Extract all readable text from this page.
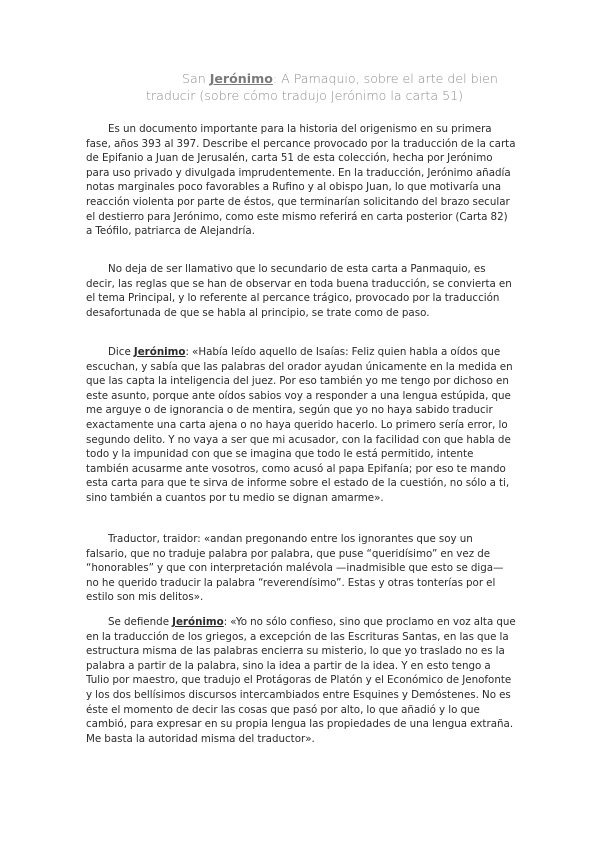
San Jerónimo: A Pamaquio, sobre el arte del bien
traducir (sobre cómo tradujo Jerónimo la carta 51)

Es un documento importante para la historia del origenismo en su primera fase, años 393 al 397. Describe el percance provocado por la traducción de la carta de Epifanio a Juan de Jerusalén, carta 51 de esta colección, hecha por Jerónimo para uso privado y divulgada imprudentemente. En la traducción, Jerónimo añadía notas marginales poco favorables a Rufino y al obispo Juan, lo que motivaría una reacción violenta por parte de éstos, que terminarían solicitando del brazo secular el destierro para Jerónimo, como este mismo referirá en carta posterior (Carta 82) a Teófilo, patriarca de Alejandría.

No deja de ser llamativo que lo secundario de esta carta a Panmaquio, es decir, las reglas que se han de observar en toda buena traducción, se convierta en el tema Principal, y lo referente al percance trágico, provocado por la traducción desafortunada de que se habla al principio, se trate como de paso.

Dice Jerónimo: «Había leído aquello de Isaías: Feliz quien habla a oídos que escuchan, y sabía que las palabras del orador ayudan únicamente en la medida en que las capta la inteligencia del juez. Por eso también yo me tengo por dichoso en este asunto, porque ante oídos sabios voy a responder a una lengua estúpida, que me arguye o de ignorancia o de mentira, según que yo no haya sabido traducir exactamente una carta ajena o no haya querido hacerlo. Lo primero sería error, lo segundo delito. Y no vaya a ser que mi acusador, con la facilidad con que habla de todo y la impunidad con que se imagina que todo le está permitido, intente también acusarme ante vosotros, como acusó al papa Epifanía; por eso te mando esta carta para que te sirva de informe sobre el estado de la cuestión, no sólo a ti, sino también a cuantos por tu medio se dignan amarme».

Traductor, traidor: «andan pregonando entre los ignorantes que soy un falsario, que no traduje palabra por palabra, que puse “queridísimo” en vez de “honorables” y que con interpretación malévola —inadmisible que esto se diga— no he querido traducir la palabra “reverendísimo”. Estas y otras tonterías por el estilo son mis delitos».

Se defiende Jerónimo: «Yo no sólo confieso, sino que proclamo en voz alta que en la traducción de los griegos, a excepción de las Escrituras Santas, en las que la estructura misma de las palabras encierra su misterio, lo que yo traslado no es la palabra a partir de la palabra, sino la idea a partir de la idea. Y en esto tengo a Tulio por maestro, que tradujo el Protágoras de Platón y el Económico de Jenofonte y los dos bellísimos discursos intercambiados entre Esquines y Demóstenes. No es éste el momento de decir las cosas que pasó por alto, lo que añadió y lo que cambió, para expresar en su propia lengua las propiedades de una lengua extraña. Me basta la autoridad misma del traductor».
